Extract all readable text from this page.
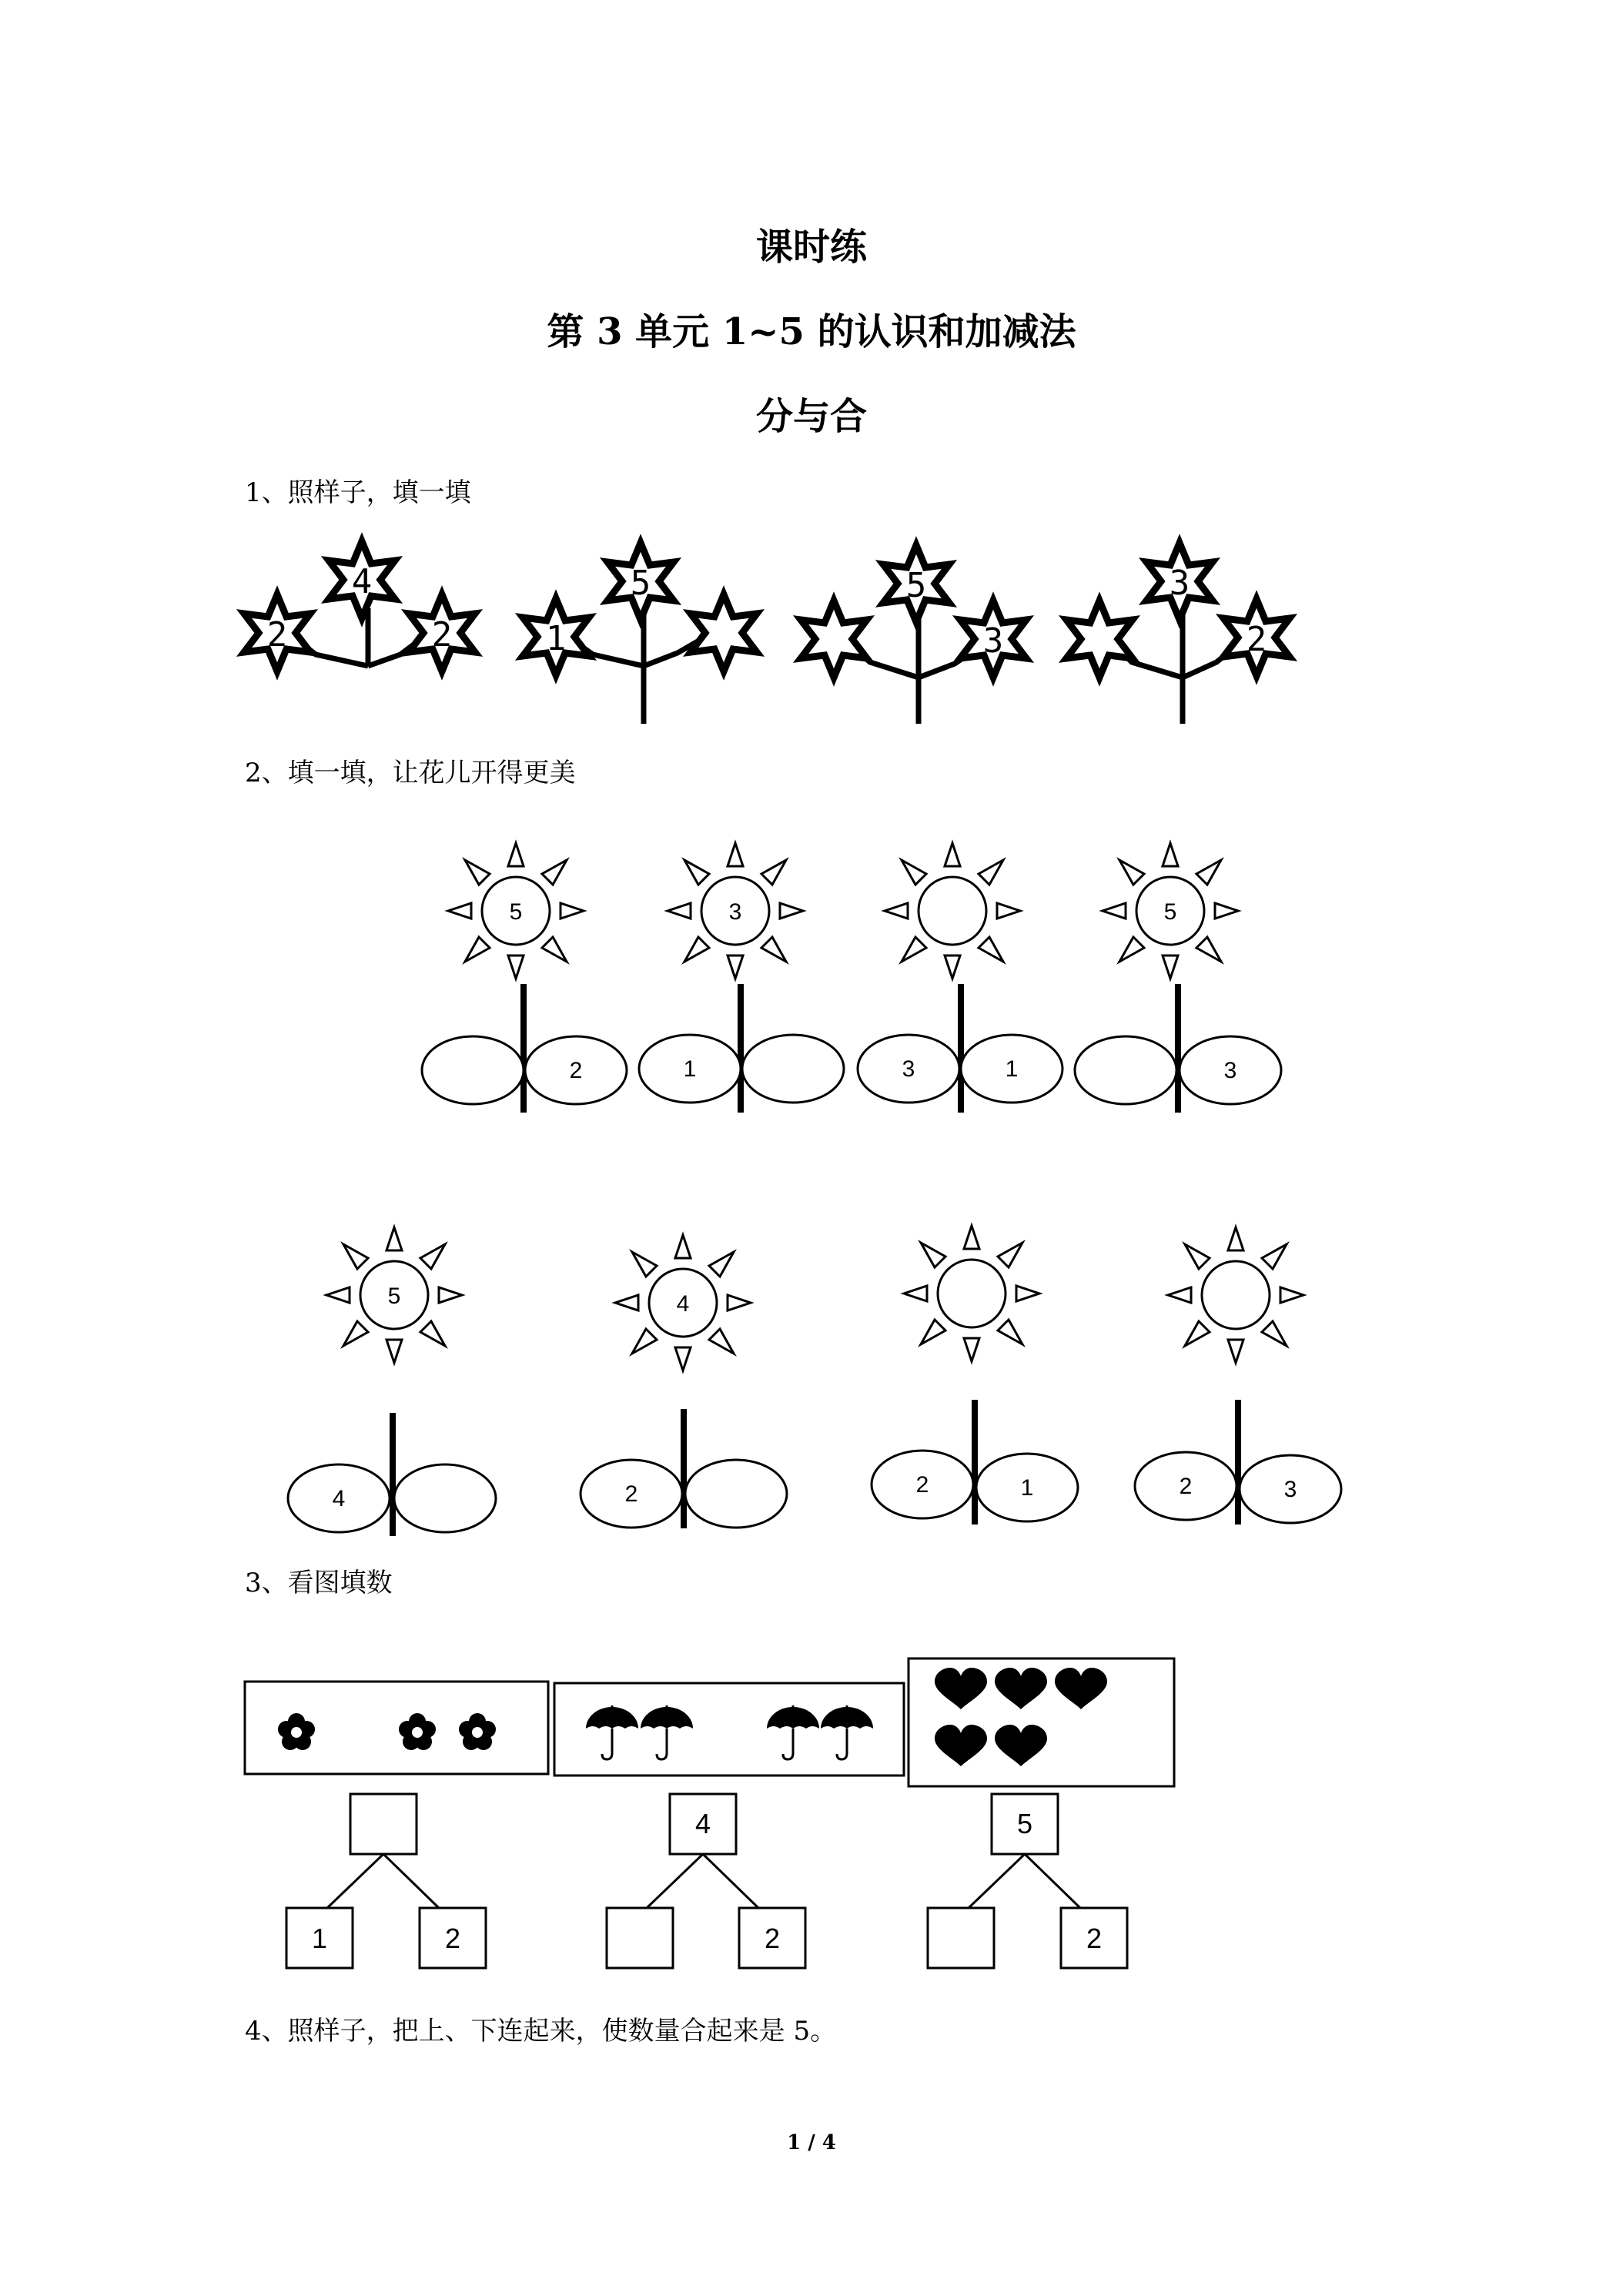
课时练
第 3 单元 1~5 的认识和加减法
分与合
1、照样子，填一填
2、填一填，让花儿开得更美
3、看图填数
4、照样子，把上、下连起来，使数量合起来是 5。
4
2	2
5
1
5
3
3
2
5
2
3
1	3	1
5
3
5
4
4
2	2	1	2	3
1	2
4
2
5
2
1 / 4
